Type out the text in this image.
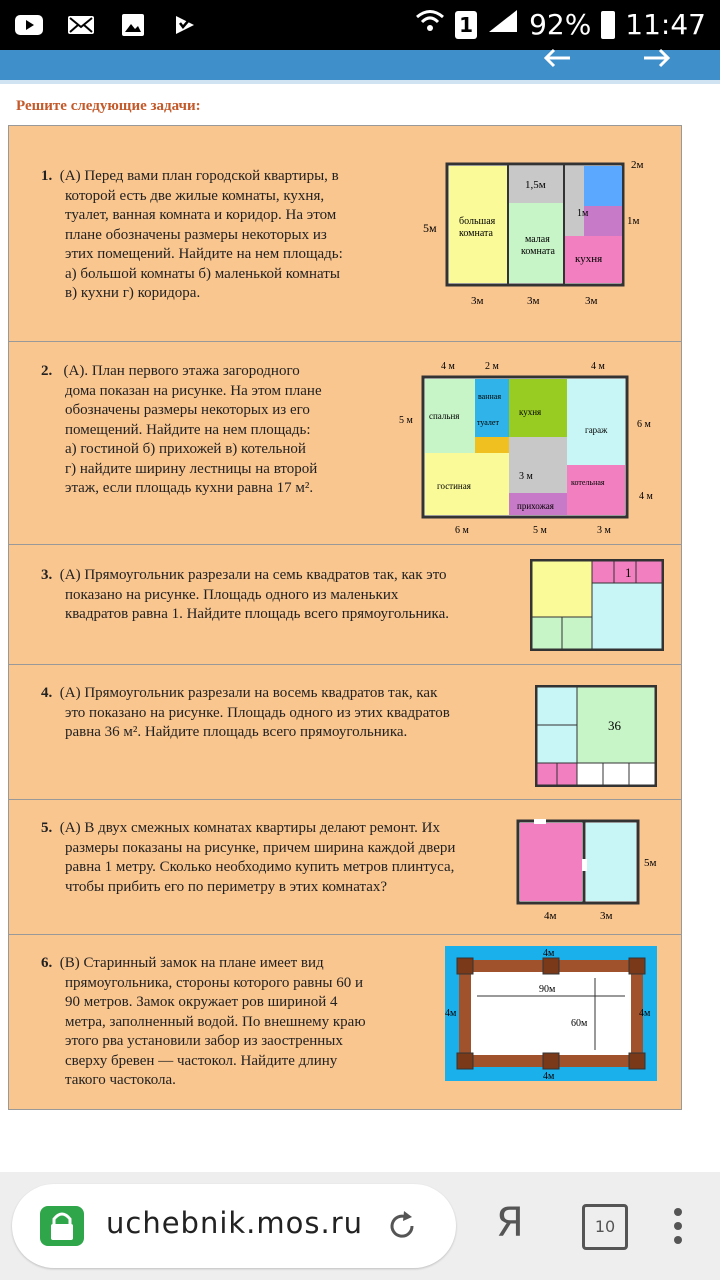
1 92% 11:47
Решите следующие задачи:
1. (А) Перед вами план городской квартиры, в
которой есть две жилые комнаты, кухня,
туалет, ванная комната и коридор. На этом
плане обозначены размеры некоторых из
этих помещений. Найдите на нем площадь:
а) большой комнаты б) маленькой комнаты
в) кухни г) коридора.
2м
1,5м
5м большая
комната
малая
комната
кухня
1м
1м
3м	3м	3м
2.   (А). План первого этажа загородного
дома показан на рисунке. На этом плане
обозначены размеры некоторых из его
помещений. Найдите на нем площадь:
а) гостиной б) прихожей в) котельной
г) найдите ширину лестницы на второй
этаж, если площадь кухни равна 17 м².
4 м	2 м	4 м
5 м	6 м
4 м
спальня
ванная
кухня
туалет
гараж
3 м
гостиная	котельная
прихожая
6 м	5 м	3 м
3. (А) Прямоугольник разрезали на семь квадратов так, как это
показано на рисунке. Площадь одного из маленьких
квадратов равна 1. Найдите площадь всего прямоугольника.
1
4. (А) Прямоугольник разрезали на восемь квадратов так, как
это показано на рисунке. Площадь одного из этих квадратов
равна 36 м². Найдите площадь всего прямоугольника.	36
5. (А) В двух смежных комнатах квартиры делают ремонт. Их
размеры показаны на рисунке, причем ширина каждой двери
равна 1 метру. Сколько необходимо купить метров плинтуса,
чтобы прибить его по периметру в этих комнатах?
5м
4м	3м
6. (В) Старинный замок на плане имеет вид
прямоугольника, стороны которого равны 60 и
90 метров. Замок окружает ров шириной 4
метра, заполненный водой. По внешнему краю
этого рва установили забор из заостренных
сверху бревен — частокол. Найдите длину
такого частокола.
4м
4м
4м	4м
90м
60м
uchebnik.mos.ru	Я	10
